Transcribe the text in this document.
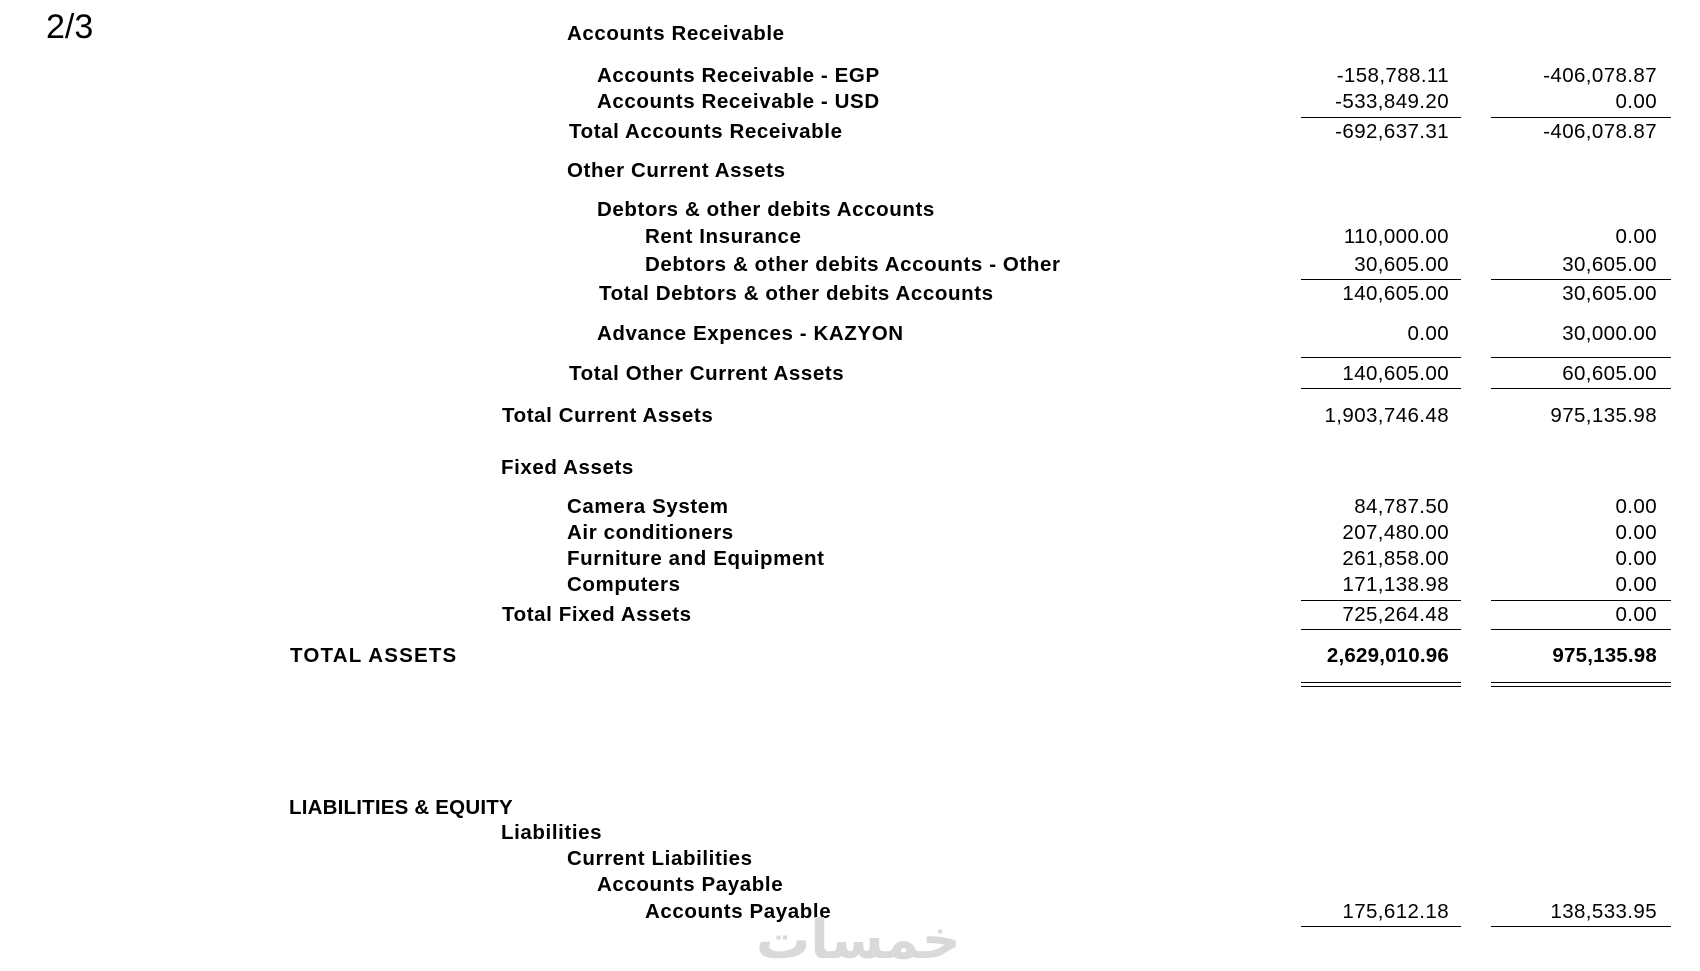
2/3	Accounts Receivable
Accounts Receivable - EGP	-158,788.11	-406,078.87
Accounts Receivable - USD	-533,849.20	0.00
Total Accounts Receivable	-692,637.31	-406,078.87
Other Current Assets
Debtors & other debits Accounts
Rent Insurance	110,000.00	0.00
Debtors & other debits Accounts - Other	30,605.00	30,605.00
Total Debtors & other debits Accounts	140,605.00	30,605.00
Advance Expences - KAZYON	0.00	30,000.00
Total Other Current Assets	140,605.00	60,605.00
Total Current Assets	1,903,746.48	975,135.98
Fixed Assets
Camera System	84,787.50	0.00
Air conditioners	207,480.00	0.00
Furniture and Equipment	261,858.00	0.00
Computers	171,138.98	0.00
Total Fixed Assets	725,264.48	0.00
TOTAL ASSETS	2,629,010.96	975,135.98
LIABILITIES & EQUITY
Liabilities
Current Liabilities
Accounts Payable
Accounts Payable	175,612.18	138,533.95
خمسات
